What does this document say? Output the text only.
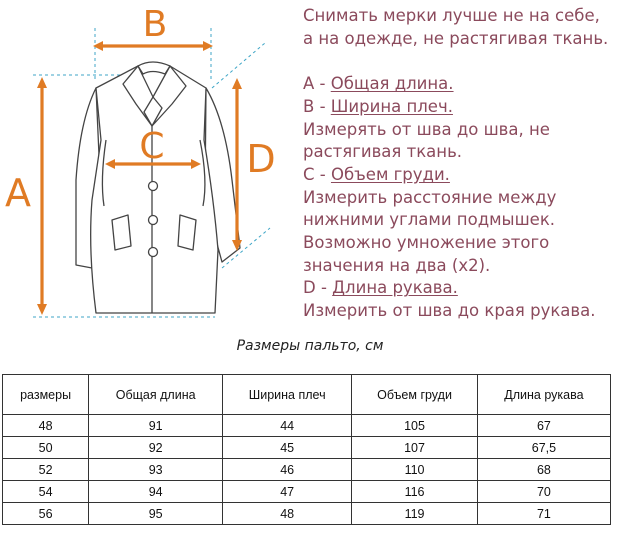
B
A
C D
Снимать мерки лучше не на себе,
а на одежде, не растягивая ткань.
A - Общая длина.
B - Ширина плеч.
Измерять от шва до шва, не
растягивая ткань.
C - Объем груди.
Измерить расстояние между
нижними углами подмышек.
Возможно умножение этого
значения на два (x2).
D - Длина рукава.
Измерить от шва до края рукава.
Размеры пальто, см
размеры	Общая длина	Ширина плеч	Объем груди	Длина рукава
48	91	44	105	67
50	92	45	107	67,5
52	93	46	110	68
54	94	47	116	70
56	95	48	119	71
